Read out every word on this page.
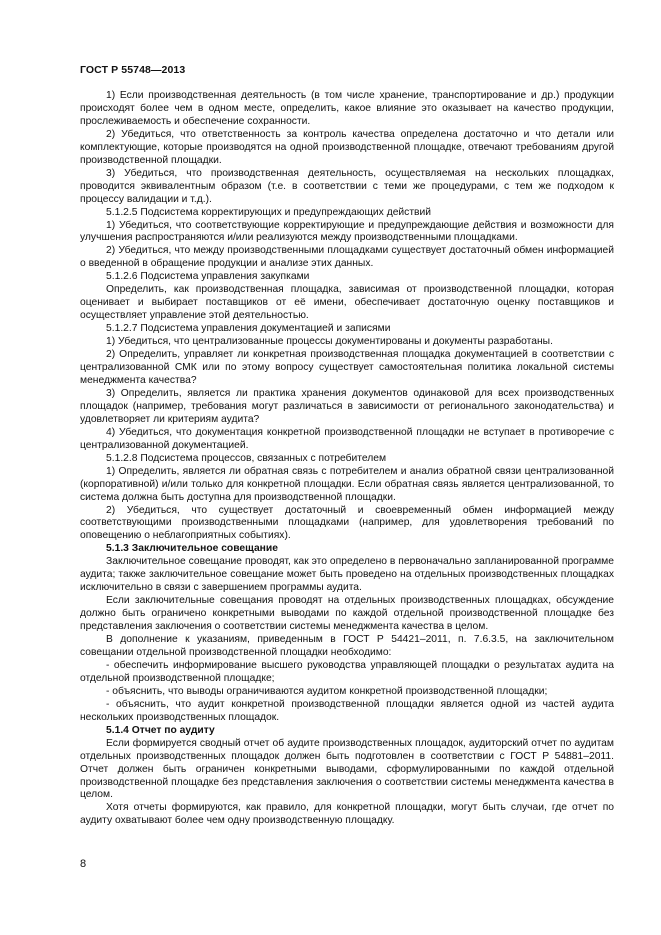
ГОСТ Р 55748—2013

1) Если производственная деятельность (в том числе хранение, транспортирование и др.) продукции происходят более чем в одном месте, определить, какое влияние это оказывает на качество продукции, прослеживаемость и обеспечение сохранности.

2) Убедиться, что ответственность за контроль качества определена достаточно и что детали или комплектующие, которые производятся на одной производственной площадке, отвечают требованиям другой производственной площадки.

3) Убедиться, что производственная деятельность, осуществляемая на нескольких площадках, проводится эквивалентным образом (т.е. в соответствии с теми же процедурами, с тем же подходом к процессу валидации и т.д.).

5.1.2.5 Подсистема корректирующих и предупреждающих действий

1) Убедиться, что соответствующие корректирующие и предупреждающие действия и возможности для улучшения распространяются и/или реализуются между производственными площадками.

2) Убедиться, что между производственными площадками существует достаточный обмен информацией о введенной в обращение продукции и анализе этих данных.

5.1.2.6 Подсистема управления закупками

Определить, как производственная площадка, зависимая от производственной площадки, которая оценивает и выбирает поставщиков от её имени, обеспечивает достаточную оценку поставщиков и осуществляет управление этой деятельностью.

5.1.2.7 Подсистема управления документацией и записями

1) Убедиться, что централизованные процессы документированы и документы разработаны.

2) Определить, управляет ли конкретная производственная площадка документацией в соответствии с централизованной СМК или по этому вопросу существует самостоятельная политика локальной системы менеджмента качества?

3) Определить, является ли практика хранения документов одинаковой для всех производственных площадок (например, требования могут различаться в зависимости от регионального законодательства) и удовлетворяет ли критериям аудита?

4) Убедиться, что документация конкретной производственной площадки не вступает в противоречие с централизованной документацией.

5.1.2.8 Подсистема процессов, связанных с потребителем

1) Определить, является ли обратная связь с потребителем и анализ обратной связи централизованной (корпоративной) и/или только для конкретной площадки. Если обратная связь является централизованной, то система должна быть доступна для производственной площадки.

2) Убедиться, что существует достаточный и своевременный обмен информацией между соответствующими производственными площадками (например, для удовлетворения требований по оповещению о неблагоприятных событиях).

5.1.3 Заключительное совещание

Заключительное совещание проводят, как это определено в первоначально запланированной программе аудита; также заключительное совещание может быть проведено на отдельных производственных площадках исключительно в связи с завершением программы аудита.

Если заключительные совещания проводят на отдельных производственных площадках, обсуждение должно быть ограничено конкретными выводами по каждой отдельной производственной площадке без представления заключения о соответствии системы менеджмента качества в целом.

В дополнение к указаниям, приведенным в ГОСТ Р 54421–2011, п. 7.6.3.5, на заключительном совещании отдельной производственной площадки необходимо:

- обеспечить информирование высшего руководства управляющей площадки о результатах аудита на отдельной производственной площадке;

- объяснить, что выводы ограничиваются аудитом конкретной производственной площадки;

- объяснить, что аудит конкретной производственной площадки является одной из частей аудита нескольких производственных площадок.

5.1.4 Отчет по аудиту

Если формируется сводный отчет об аудите производственных площадок, аудиторский отчет по аудитам отдельных производственных площадок должен быть подготовлен в соответствии с ГОСТ Р 54881–2011. Отчет должен быть ограничен конкретными выводами, сформулированными по каждой отдельной производственной площадке без представления заключения о соответствии системы менеджмента качества в целом.

Хотя отчеты формируются, как правило, для конкретной площадки, могут быть случаи, где отчет по аудиту охватывают более чем одну производственную площадку.

8
